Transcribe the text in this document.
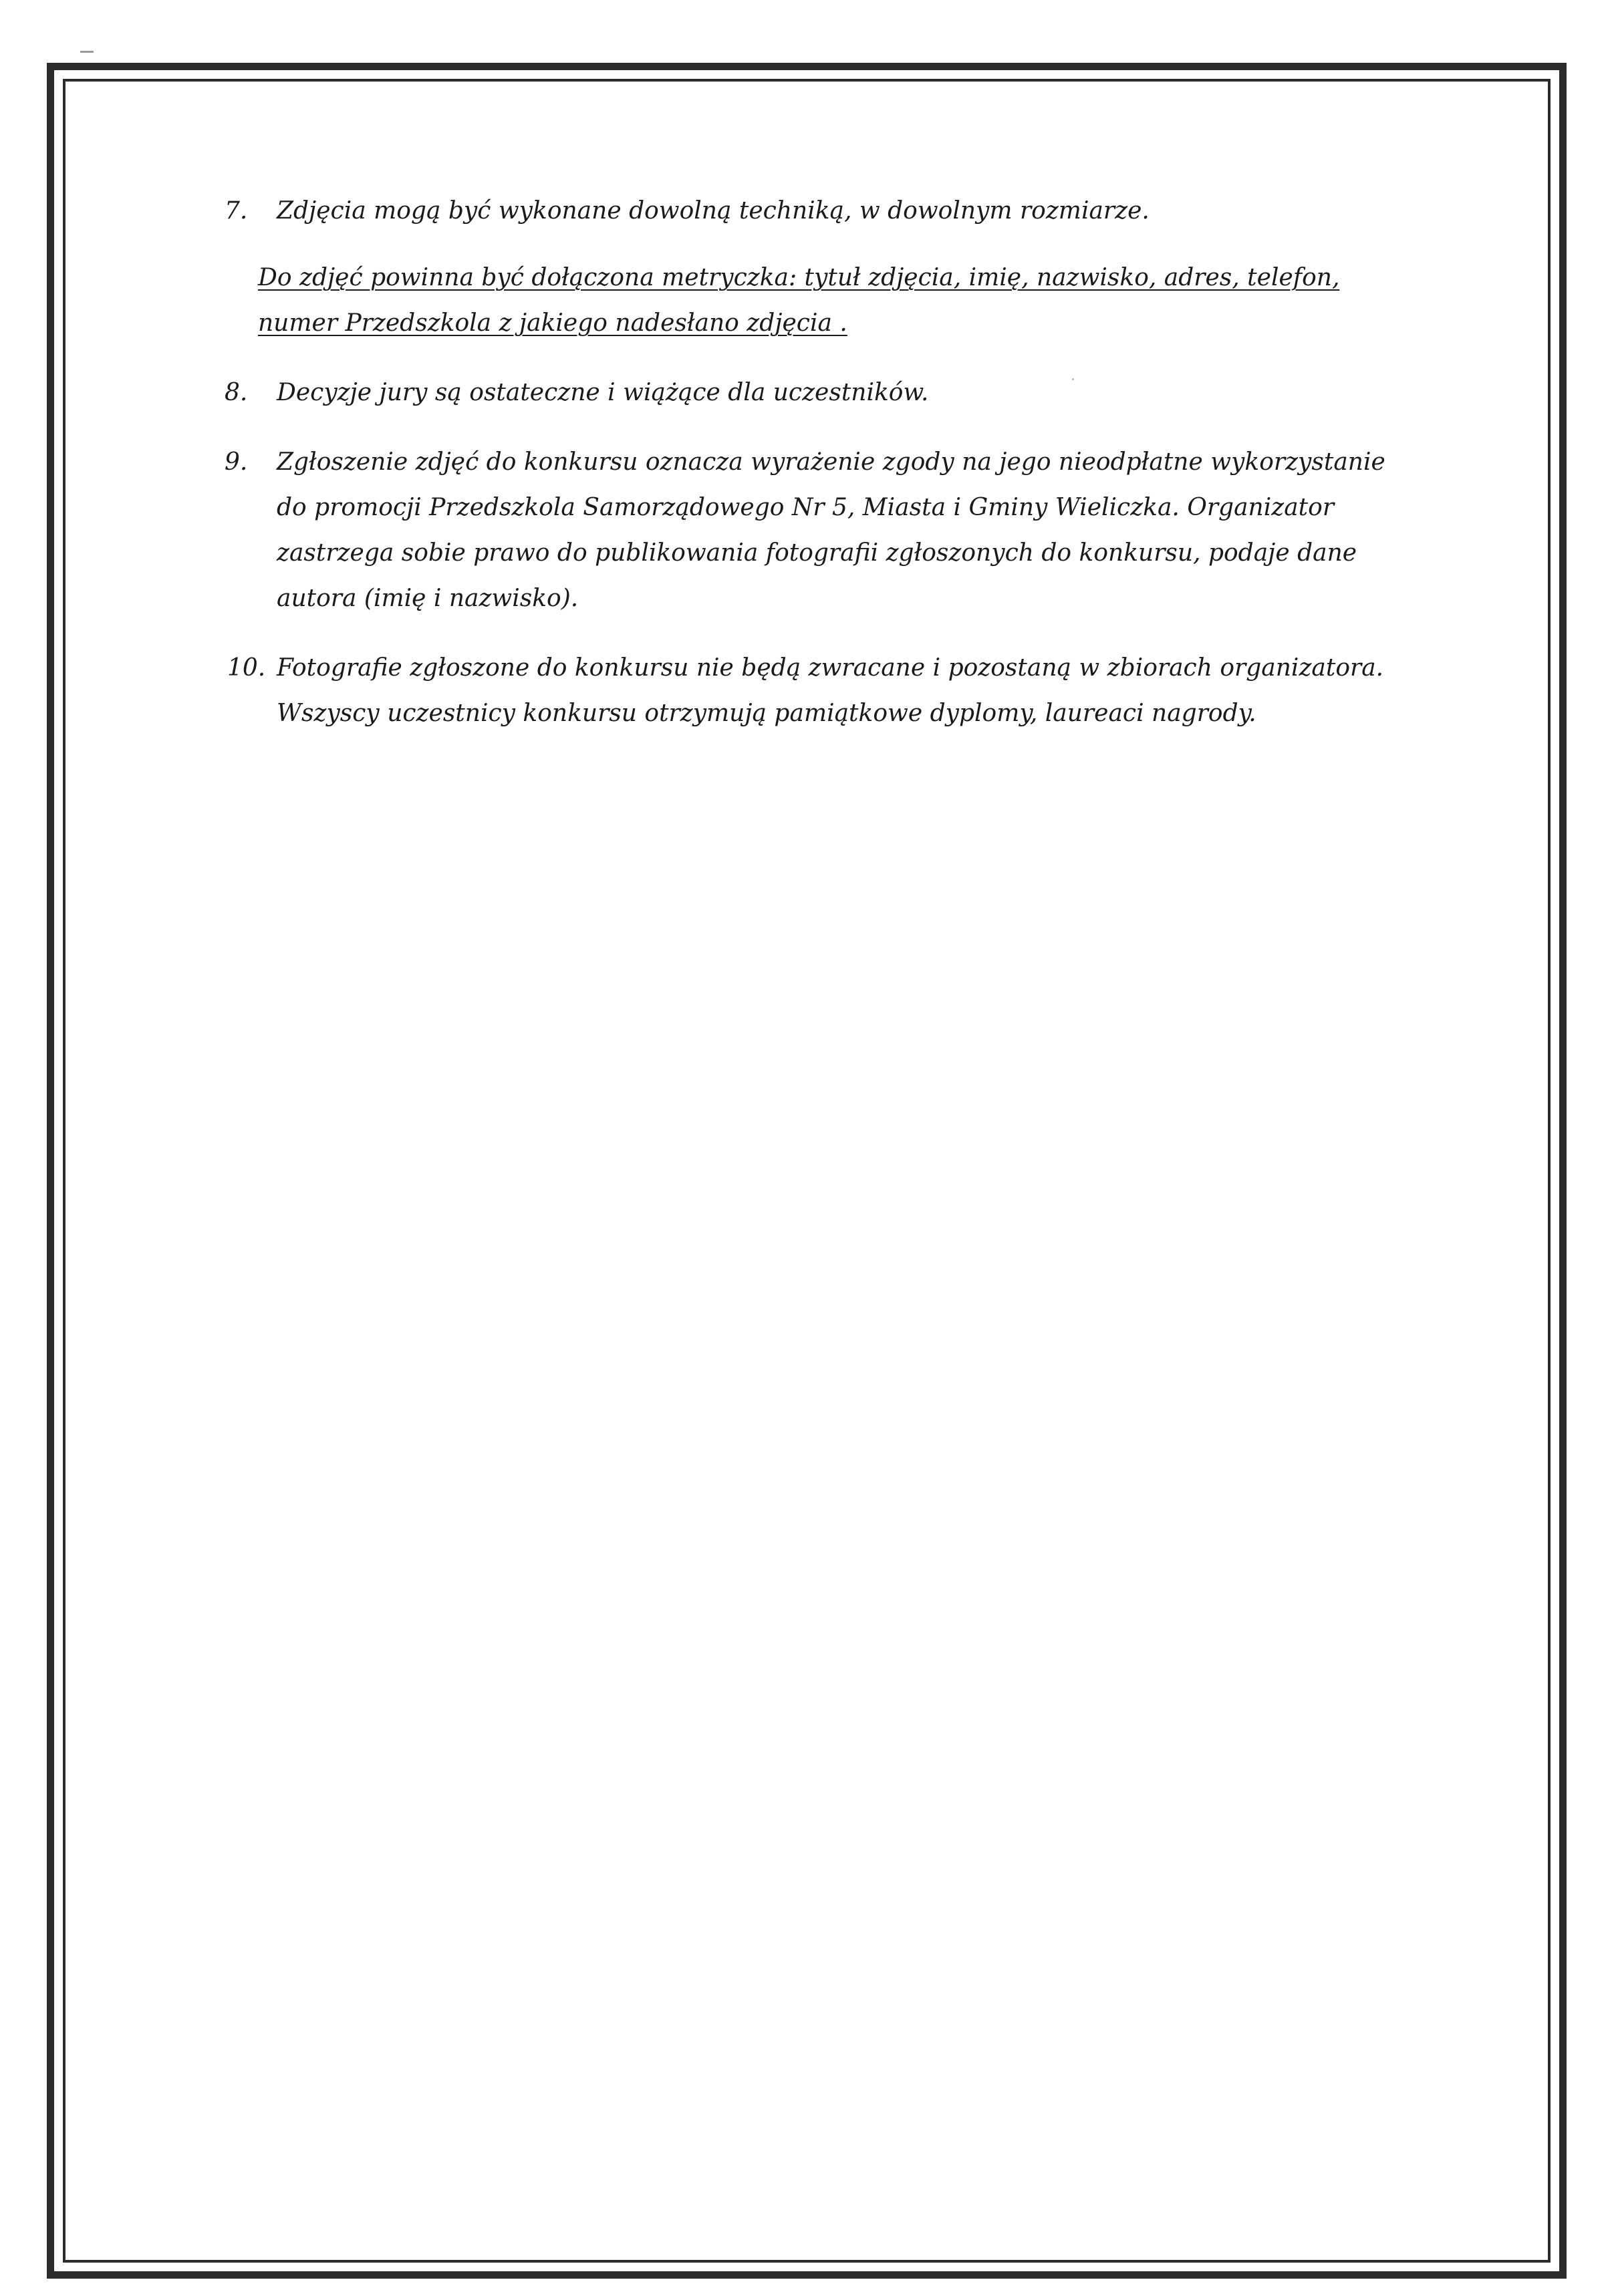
7. Zdjęcia mogą być wykonane dowolną techniką, w dowolnym rozmiarze.
Do zdjęć powinna być dołączona metryczka: tytuł zdjęcia, imię, nazwisko, adres, telefon, numer Przedszkola z jakiego nadesłano zdjęcia .
8. Decyzje jury są ostateczne i wiążące dla uczestników.
9. Zgłoszenie zdjęć do konkursu oznacza wyrażenie zgody na jego nieodpłatne wykorzystanie do promocji Przedszkola Samorządowego Nr 5, Miasta i Gminy Wieliczka. Organizator zastrzega sobie prawo do publikowania fotografii zgłoszonych do konkursu, podaje dane autora (imię i nazwisko).
10. Fotografie zgłoszone do konkursu nie będą zwracane i pozostaną w zbiorach organizatora. Wszyscy uczestnicy konkursu otrzymują pamiątkowe dyplomy, laureaci nagrody.
